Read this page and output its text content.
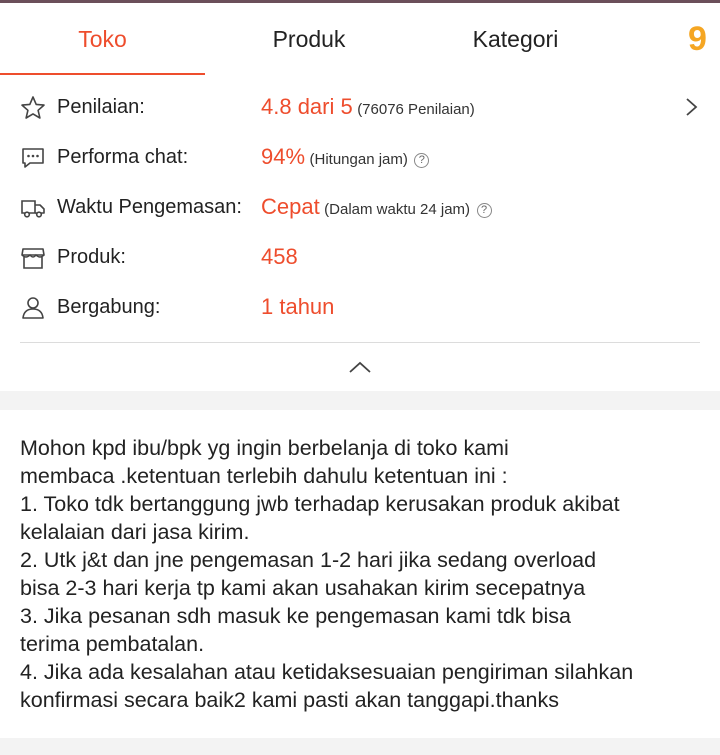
Toko	Produk	Kategori	9
Penilaian:	4.8 dari 5 (76076 Penilaian)
Performa chat:	94% (Hitungan jam) ?
Waktu Pengemasan: Cepat (Dalam waktu 24 jam) ?
Produk:	458
Bergabung:	1 tahun
Mohon kpd ibu/bpk yg ingin berbelanja di toko kami
membaca .ketentuan terlebih dahulu ketentuan ini :
1. Toko tdk bertanggung jwb terhadap kerusakan produk akibat
kelalaian dari jasa kirim.
2. Utk j&t dan jne pengemasan 1-2 hari jika sedang overload
bisa 2-3 hari kerja tp kami akan usahakan kirim secepatnya
3. Jika pesanan sdh masuk ke pengemasan kami tdk bisa
terima pembatalan.
4. Jika ada kesalahan atau ketidaksesuaian pengiriman silahkan
konfirmasi secara baik2 kami pasti akan tanggapi.thanks
